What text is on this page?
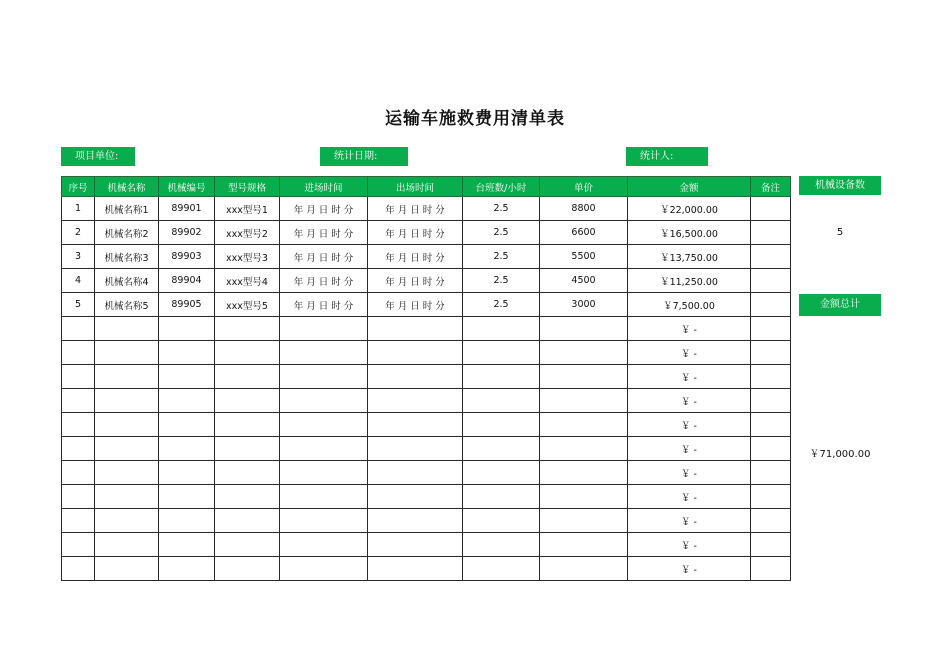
运输车施救费用清单表
项目单位:	统计日期:	统计人:
序号	机械名称	机械编号	型号规格	进场时间	出场时间	台班数/小时	单价	金额	备注
1	机械名称1	89901	xxx型号1	年 月 日 时 分	年 月 日 时 分	2.5	8800	￥22,000.00	
2	机械名称2	89902	xxx型号2	年 月 日 时 分	年 月 日 时 分	2.5	6600	￥16,500.00	
3	机械名称3	89903	xxx型号3	年 月 日 时 分	年 月 日 时 分	2.5	5500	￥13,750.00	
4	机械名称4	89904	xxx型号4	年 月 日 时 分	年 月 日 时 分	2.5	4500	￥11,250.00	
5	机械名称5	89905	xxx型号5	年 月 日 时 分	年 月 日 时 分	2.5	3000	￥7,500.00	
								￥ -	
								￥ -	
								￥ -	
								￥ -	
								￥ -	
								￥ -	
								￥ -	
								￥ -	
								￥ -	
								￥ -	
								￥ -	
机械设备数
5
金额总计
￥71,000.00
